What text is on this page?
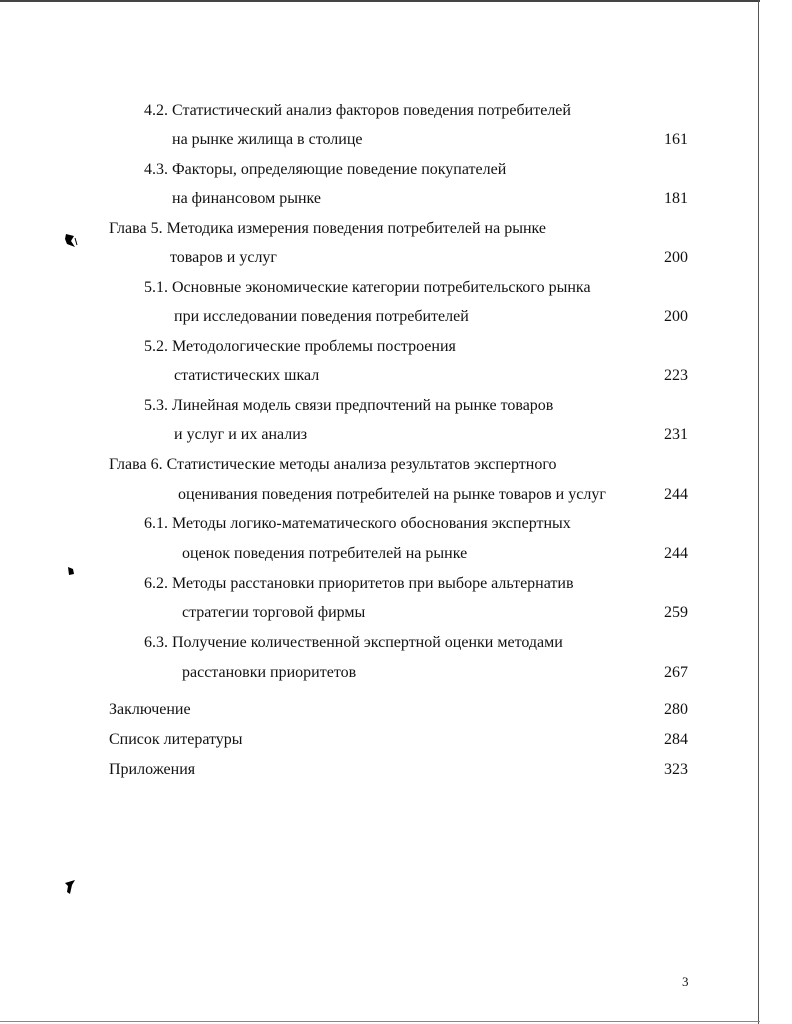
4.2. Статистический анализ факторов поведения потребителей
на рынке жилища в столице	161
4.3. Факторы, определяющие поведение покупателей
на финансовом рынке	181
Глава 5. Методика измерения поведения потребителей на рынке
товаров и услуг	200
5.1. Основные экономические категории потребительского рынка
при исследовании поведения потребителей	200
5.2. Методологические проблемы построения
статистических шкал	223
5.3. Линейная модель связи предпочтений на рынке товаров
и услуг и их анализ	231
Глава 6. Статистические методы анализа результатов экспертного
оценивания поведения потребителей на рынке товаров и услуг	244
6.1. Методы логико-математического обоснования экспертных
оценок поведения потребителей на рынке	244
6.2. Методы расстановки приоритетов при выборе альтернатив
стратегии торговой фирмы	259
6.3. Получение количественной экспертной оценки методами
расстановки приоритетов	267
Заключение	280
Список литературы	284
Приложения	323
3
